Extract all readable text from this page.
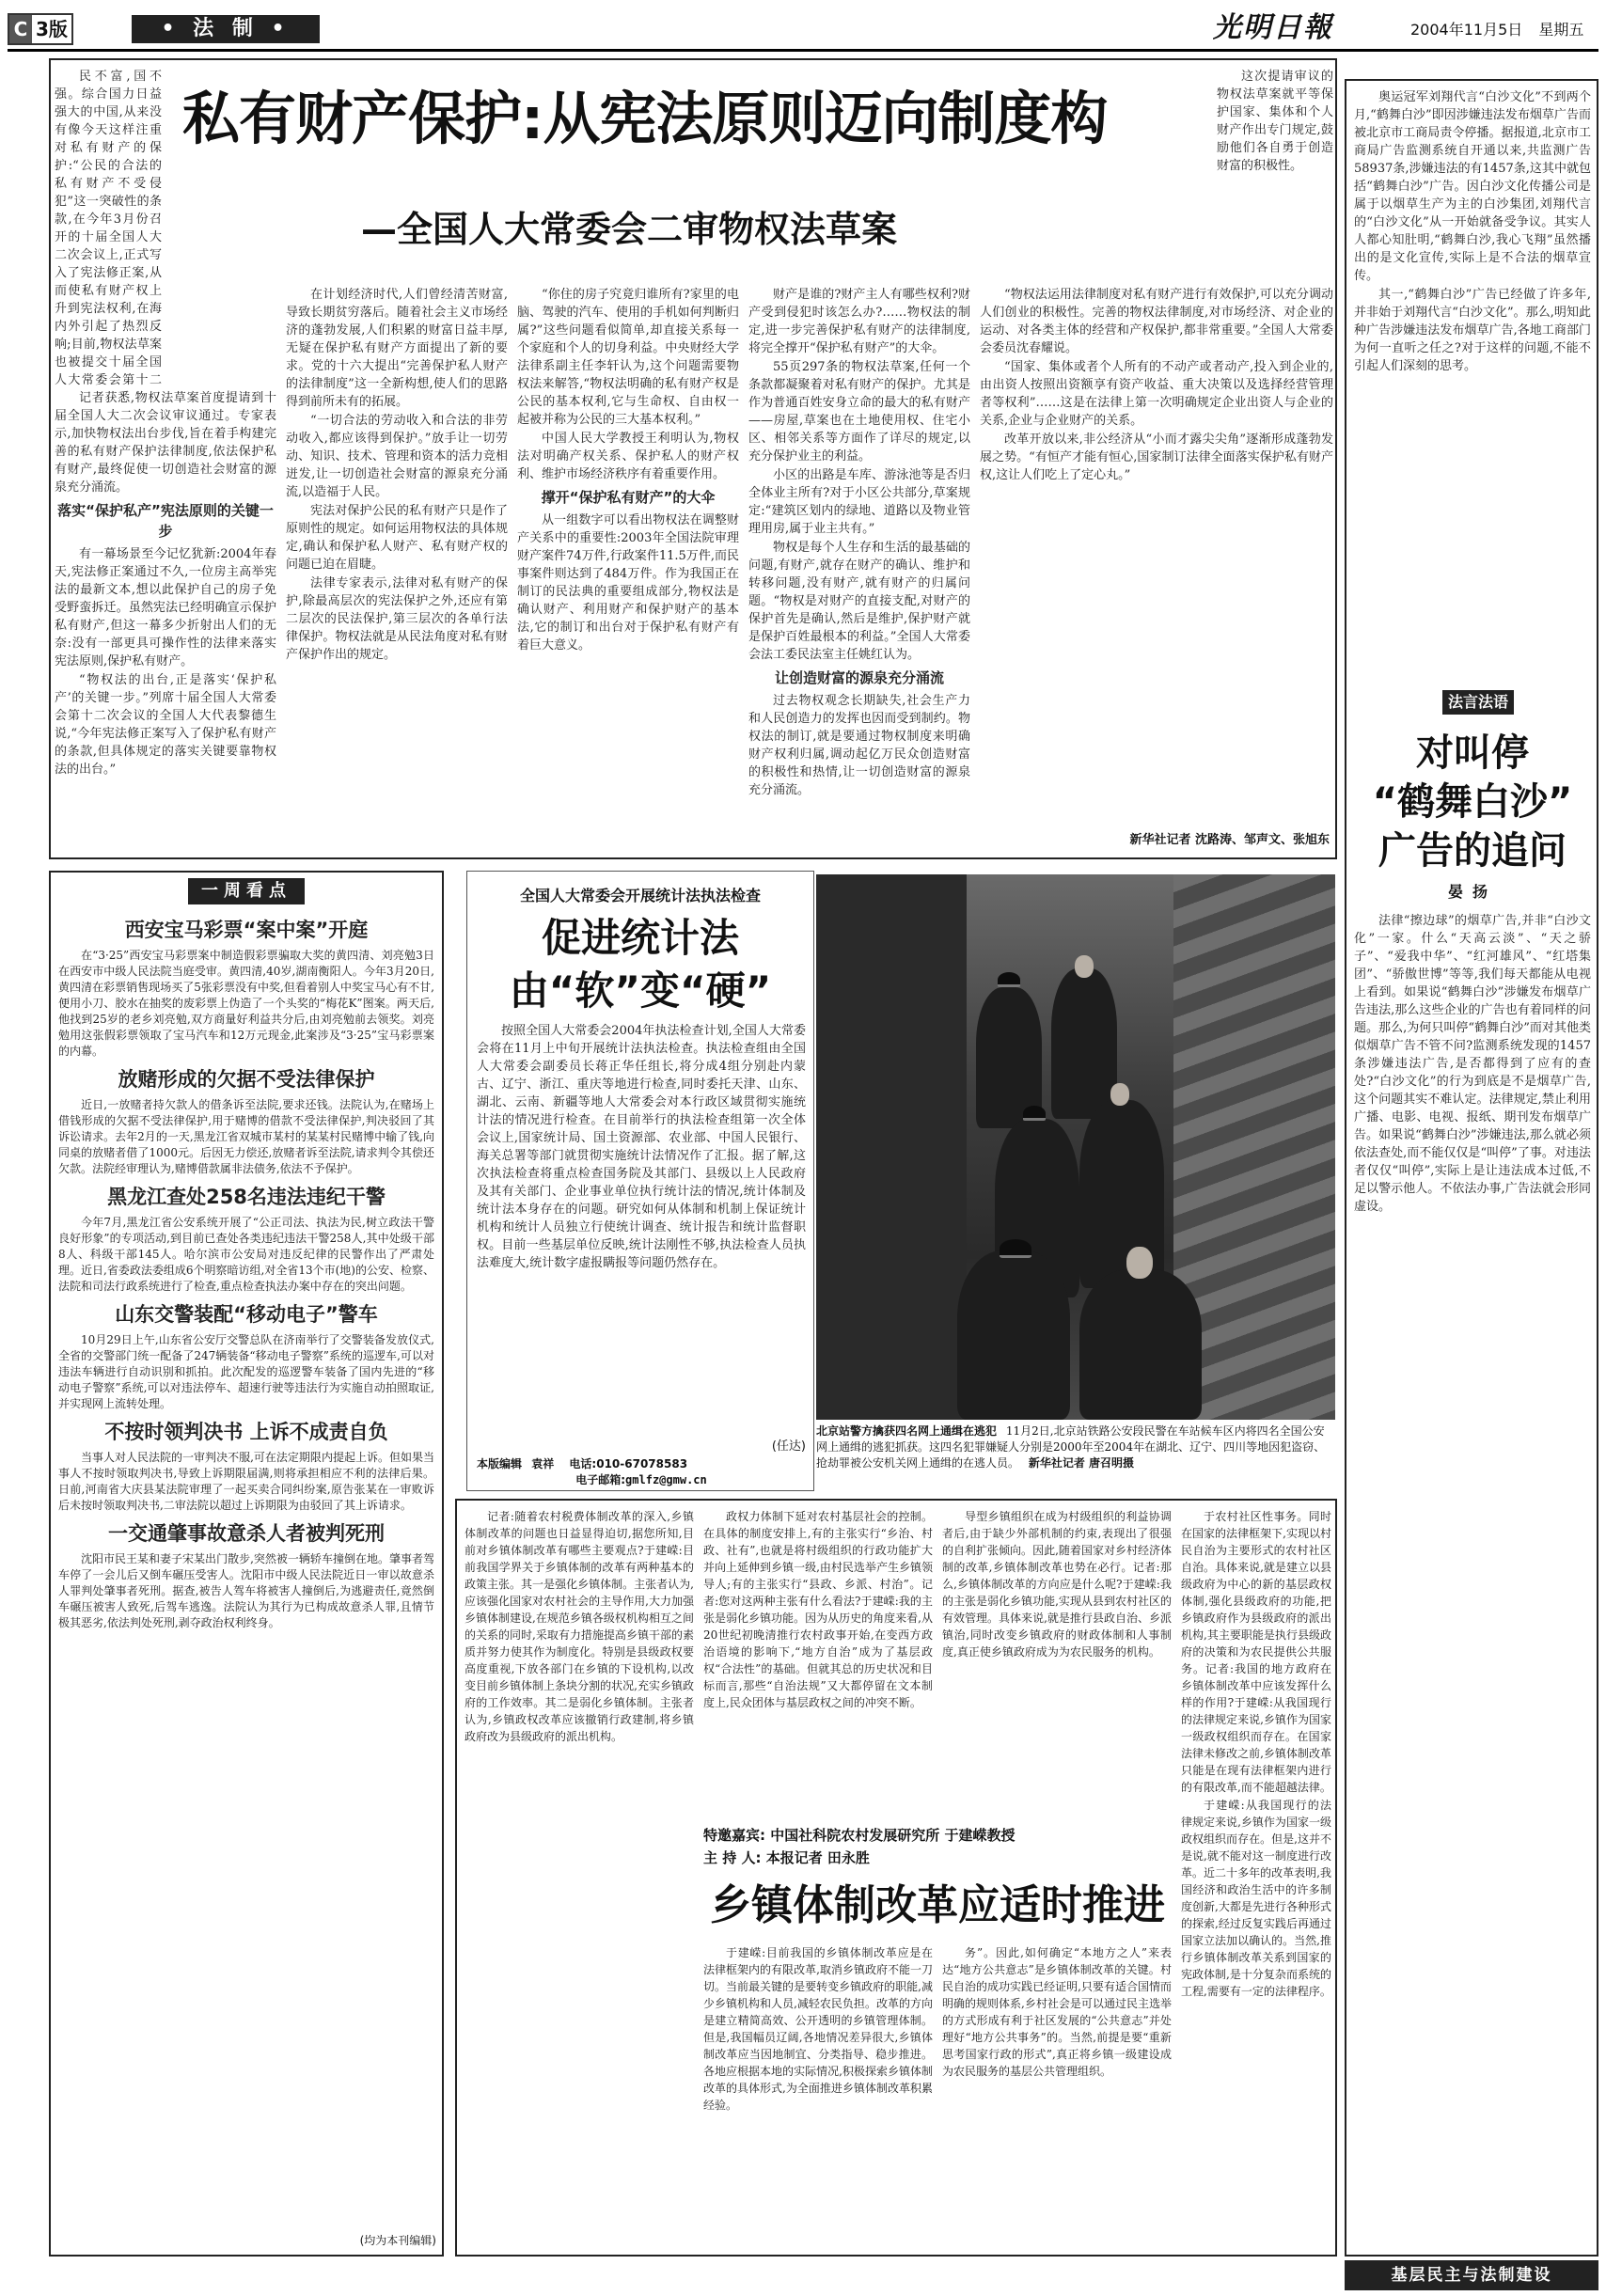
C 3版	• 法 制 •	光明日報	2004年11月5日 星期五
私有财产保护:从宪法原则迈向制度构
—全国人大常委会二审物权法草案

民不富,国不强。综合国力日益强大的中国,从来没有像今天这样注重对私有财产的保护:“公民的合法的私有财产不受侵犯”这一突破性的条款,在今年3月份召开的十届全国人大二次会议上,正式写入了宪法修正案,从而使私有财产权上升到宪法权利,在海内外引起了热烈反响;目前,物权法草案也被提交十届全国人大常委会第十二

这次提请审议的物权法草案就平等保护国家、集体和个人财产作出专门规定,鼓励他们各自勇于创造财富的积极性。

记者获悉,物权法草案首度提请到十届全国人大二次会议审议通过。专家表示,加快物权法出台步伐,旨在着手构建完善的私有财产保护法律制度,依法保护私有财产,最终促使一切创造社会财富的源泉充分涌流。

落实“保护私产”宪法原则的关键一步

有一幕场景至今记忆犹新:2004年春天,宪法修正案通过不久,一位房主高举宪法的最新文本,想以此保护自己的房子免受野蛮拆迁。虽然宪法已经明确宣示保护私有财产,但这一幕多少折射出人们的无奈:没有一部更具可操作性的法律来落实宪法原则,保护私有财产。

“物权法的出台,正是落实‘保护私产’的关键一步。”列席十届全国人大常委会第十二次会议的全国人大代表黎德生说,“今年宪法修正案写入了保护私有财产的条款,但具体规定的落实关键要靠物权法的出台。”

在计划经济时代,人们曾经清苦财富,导致长期贫穷落后。随着社会主义市场经济的蓬勃发展,人们积累的财富日益丰厚,无疑在保护私有财产方面提出了新的要求。党的十六大提出“完善保护私人财产的法律制度”这一全新构想,使人们的思路得到前所未有的拓展。

“一切合法的劳动收入和合法的非劳动收入,都应该得到保护。”放手让一切劳动、知识、技术、管理和资本的活力竞相迸发,让一切创造社会财富的源泉充分涌流,以造福于人民。

宪法对保护公民的私有财产只是作了原则性的规定。如何运用物权法的具体规定,确认和保护私人财产、私有财产权的问题已迫在眉睫。

法律专家表示,法律对私有财产的保护,除最高层次的宪法保护之外,还应有第二层次的民法保护,第三层次的各单行法律保护。物权法就是从民法角度对私有财产保护作出的规定。

“你住的房子究竟归谁所有?家里的电脑、驾驶的汽车、使用的手机如何判断归属?”这些问题看似简单,却直接关系每一个家庭和个人的切身利益。中央财经大学法律系副主任李轩认为,这个问题需要物权法来解答,“物权法明确的私有财产权是公民的基本权利,它与生命权、自由权一起被并称为公民的三大基本权利。”

中国人民大学教授王利明认为,物权法对明确产权关系、保护私人的财产权利、维护市场经济秩序有着重要作用。

撑开“保护私有财产”的大伞

从一组数字可以看出物权法在调整财产关系中的重要性:2003年全国法院审理财产案件74万件,行政案件11.5万件,而民事案件则达到了484万件。作为我国正在制订的民法典的重要组成部分,物权法是确认财产、利用财产和保护财产的基本法,它的制订和出台对于保护私有财产有着巨大意义。

财产是谁的?财产主人有哪些权利?财产受到侵犯时该怎么办?……物权法的制定,进一步完善保护私有财产的法律制度,将完全撑开“保护私有财产”的大伞。

55页297条的物权法草案,任何一个条款都凝聚着对私有财产的保护。尤其是作为普通百姓安身立命的最大的私有财产——房屋,草案也在土地使用权、住宅小区、相邻关系等方面作了详尽的规定,以充分保护业主的利益。

小区的出路是车库、游泳池等是否归全体业主所有?对于小区公共部分,草案规定:“建筑区划内的绿地、道路以及物业管理用房,属于业主共有。”

物权是每个人生存和生活的最基础的问题,有财产,就存在财产的确认、维护和转移问题,没有财产,就有财产的归属问题。“物权是对财产的直接支配,对财产的保护首先是确认,然后是维护,保护财产就是保护百姓最根本的利益。”全国人大常委会法工委民法室主任姚红认为。

让创造财富的源泉充分涌流

过去物权观念长期缺失,社会生产力和人民创造力的发挥也因而受到制约。物权法的制订,就是要通过物权制度来明确财产权利归属,调动起亿万民众创造财富的积极性和热情,让一切创造财富的源泉充分涌流。

“物权法运用法律制度对私有财产进行有效保护,可以充分调动人们创业的积极性。完善的物权法律制度,对市场经济、对企业的运动、对各类主体的经营和产权保护,都非常重要。”全国人大常委会委员沈春耀说。

“国家、集体或者个人所有的不动产或者动产,投入到企业的,由出资人按照出资额享有资产收益、重大决策以及选择经营管理者等权利”……这是在法律上第一次明确规定企业出资人与企业的关系,企业与企业财产的关系。

改革开放以来,非公经济从“小而才露尖尖角”逐渐形成蓬勃发展之势。“有恒产才能有恒心,国家制订法律全面落实保护私有财产权,这让人们吃上了定心丸。”

新华社记者 沈路涛、邹声文、张旭东

奥运冠军刘翔代言“白沙文化”不到两个月,“鹤舞白沙”即因涉嫌违法发布烟草广告而被北京市工商局责令停播。据报道,北京市工商局广告监测系统自开通以来,共监测广告58937条,涉嫌违法的有1457条,这其中就包括“鹤舞白沙”广告。因白沙文化传播公司是属于以烟草生产为主的白沙集团,刘翔代言的“白沙文化”从一开始就备受争议。其实人人都心知肚明,“鹤舞白沙,我心飞翔”虽然播出的是文化宣传,实际上是不合法的烟草宣传。

其一,“鹤舞白沙”广告已经做了许多年,并非始于刘翔代言“白沙文化”。那么,明知此种广告涉嫌违法发布烟草广告,各地工商部门为何一直听之任之?对于这样的问题,不能不引起人们深刻的思考。

法言法语
对叫停
“鹤舞白沙”
广告的追问
晏扬

法律“擦边球”的烟草广告,并非“白沙文化”一家。什么“天高云淡”、“天之骄子”、“爱我中华”、“红河雄风”、“红塔集团”、“骄傲世博”等等,我们每天都能从电视上看到。如果说“鹤舞白沙”涉嫌发布烟草广告违法,那么这些企业的广告也有着同样的问题。那么,为何只叫停“鹤舞白沙”而对其他类似烟草广告不管不问?监测系统发现的1457条涉嫌违法广告,是否都得到了应有的查处?“白沙文化”的行为到底是不是烟草广告,这个问题其实不难认定。法律规定,禁止利用广播、电影、电视、报纸、期刊发布烟草广告。如果说“鹤舞白沙”涉嫌违法,那么就必须依法查处,而不能仅仅是“叫停”了事。对违法者仅仅“叫停”,实际上是让违法成本过低,不足以警示他人。不依法办事,广告法就会形同虚设。

一周看点
西安宝马彩票“案中案”开庭

在“3·25”西安宝马彩票案中制造假彩票骗取大奖的黄四清、刘亮勉3日在西安市中级人民法院当庭受审。黄四清,40岁,湖南衡阳人。今年3月20日,黄四清在彩票销售现场买了5张彩票没有中奖,但看着别人中奖宝马心有不甘,便用小刀、胶水在抽奖的废彩票上伪造了一个头奖的“梅花K”图案。两天后,他找到25岁的老乡刘亮勉,双方商量好利益共分后,由刘亮勉前去领奖。刘亮勉用这张假彩票领取了宝马汽车和12万元现金,此案涉及“3·25”宝马彩票案的内幕。

放赌形成的欠据不受法律保护

近日,一放赌者持欠款人的借条诉至法院,要求还钱。法院认为,在赌场上借钱形成的欠据不受法律保护,用于赌博的借款不受法律保护,判决驳回了其诉讼请求。去年2月的一天,黑龙江省双城市某村的某某村民赌博中输了钱,向同桌的放赌者借了1000元。后因无力偿还,放赌者诉至法院,请求判令其偿还欠款。法院经审理认为,赌博借款属非法债务,依法不予保护。

黑龙江查处258名违法违纪干警

今年7月,黑龙江省公安系统开展了“公正司法、执法为民,树立政法干警良好形象”的专项活动,到目前已查处各类违纪违法干警258人,其中处级干部8人、科级干部145人。哈尔滨市公安局对违反纪律的民警作出了严肃处理。近日,省委政法委组成6个明察暗访组,对全省13个市(地)的公安、检察、法院和司法行政系统进行了检查,重点检查执法办案中存在的突出问题。

山东交警装配“移动电子”警车

10月29日上午,山东省公安厅交警总队在济南举行了交警装备发放仪式,全省的交警部门统一配备了247辆装备“移动电子警察”系统的巡逻车,可以对违法车辆进行自动识别和抓拍。此次配发的巡逻警车装备了国内先进的“移动电子警察”系统,可以对违法停车、超速行驶等违法行为实施自动拍照取证,并实现网上流转处理。

不按时领判决书 上诉不成责自负

当事人对人民法院的一审判决不服,可在法定期限内提起上诉。但如果当事人不按时领取判决书,导致上诉期限届满,则将承担相应不利的法律后果。日前,河南省大庆县某法院审理了一起买卖合同纠纷案,原告张某在一审败诉后未按时领取判决书,二审法院以超过上诉期限为由驳回了其上诉请求。

一交通肇事故意杀人者被判死刑

沈阳市民王某和妻子宋某出门散步,突然被一辆轿车撞倒在地。肇事者驾车停了一会儿后又倒车碾压受害人。沈阳市中级人民法院近日一审以故意杀人罪判处肇事者死刑。据查,被告人驾车将被害人撞倒后,为逃避责任,竟然倒车碾压被害人致死,后驾车逃逸。法院认为其行为已构成故意杀人罪,且情节极其恶劣,依法判处死刑,剥夺政治权利终身。

(均为本刊编辑)
全国人大常委会开展统计法执法检查
促进统计法
由“软”变“硬”

按照全国人大常委会2004年执法检查计划,全国人大常委会将在11月上中旬开展统计法执法检查。执法检查组由全国人大常委会副委员长蒋正华任组长,将分成4组分别赴内蒙古、辽宁、浙江、重庆等地进行检查,同时委托天津、山东、湖北、云南、新疆等地人大常委会对本行政区域贯彻实施统计法的情况进行检查。在目前举行的执法检查组第一次全体会议上,国家统计局、国土资源部、农业部、中国人民银行、海关总署等部门就贯彻实施统计法情况作了汇报。据了解,这次执法检查将重点检查国务院及其部门、县级以上人民政府及其有关部门、企业事业单位执行统计法的情况,统计体制及统计法本身存在的问题。研究如何从体制和机制上保证统计机构和统计人员独立行使统计调查、统计报告和统计监督职权。目前一些基层单位反映,统计法刚性不够,执法检查人员执法难度大,统计数字虚报瞒报等问题仍然存在。

(任达)
本版编辑 袁祥 电话:010-67078583
电子邮箱:gmlfz@gmw.cn
北京站警方擒获四名网上通缉在逃犯 11月2日,北京站铁路公安段民警在车站候车区内将四名全国公安网上通缉的逃犯抓获。这四名犯罪嫌疑人分别是2000年至2004年在湖北、辽宁、四川等地因犯盗窃、抢劫罪被公安机关网上通缉的在逃人员。 新华社记者 唐召明摄

记者:随着农村税费体制改革的深入,乡镇体制改革的问题也日益显得迫切,据您所知,目前对乡镇体制改革有哪些主要观点?于建嵘:目前我国学界关于乡镇体制的改革有两种基本的政策主张。其一是强化乡镇体制。主张者认为,应该强化国家对农村社会的主导作用,大力加强乡镇体制建设,在规范乡镇各级权机构相互之间的关系的同时,采取有力措施提高乡镇干部的素质并努力使其作为制度化。特别是县级政权要高度重视,下放各部门在乡镇的下设机构,以改变目前乡镇体制上条块分割的状况,充实乡镇政府的工作效率。其二是弱化乡镇体制。主张者认为,乡镇政权改革应该撤销行政建制,将乡镇政府改为县级政府的派出机构。

政权力体制下延对农村基层社会的控制。在具体的制度安排上,有的主张实行“乡治、村政、社有”,也就是将村级组织的行政功能扩大并向上延伸到乡镇一级,由村民选举产生乡镇领导人;有的主张实行“县政、乡派、村治”。记者:您对这两种主张有什么看法?于建嵘:我的主张是弱化乡镇功能。因为从历史的角度来看,从20世纪初晚清推行农村政事开始,在变西方政治语境的影响下,“地方自治”成为了基层政权“合法性”的基础。但就其总的历史状况和目标而言,那些“自治法规”又大都停留在文本制度上,民众团体与基层政权之间的冲突不断。

导型乡镇组织在成为村级组织的利益协调者后,由于缺少外部机制的约束,表现出了很强的自利扩张倾向。因此,随着国家对乡村经济体制的改革,乡镇体制改革也势在必行。记者:那么,乡镇体制改革的方向应是什么呢?于建嵘:我的主张是弱化乡镇功能,实现从县到农村社区的有效管理。具体来说,就是推行县政自治、乡派镇治,同时改变乡镇政府的财政体制和人事制度,真正使乡镇政府成为为农民服务的机构。

于农村社区性事务。同时在国家的法律框架下,实现以村民自治为主要形式的农村社区自治。具体来说,就是建立以县级政府为中心的新的基层政权体制,强化县级政府的功能,把乡镇政府作为县级政府的派出机构,其主要职能是执行县级政府的决策和为农民提供公共服务。记者:我国的地方政府在乡镇体制改革中应该发挥什么样的作用?于建嵘:从我国现行的法律规定来说,乡镇作为国家一级政权组织而存在。在国家法律未修改之前,乡镇体制改革只能是在现有法律框架内进行的有限改革,而不能超越法律。

于建嵘:从我国现行的法律规定来说,乡镇作为国家一级政权组织而存在。但是,这并不是说,就不能对这一制度进行改革。近二十多年的改革表明,我国经济和政治生活中的许多制度创新,大都是先进行各种形式的探索,经过反复实践后再通过国家立法加以确认的。当然,推行乡镇体制改革关系到国家的宪政体制,是十分复杂而系统的工程,需要有一定的法律程序。

特邀嘉宾: 中国社科院农村发展研究所 于建嵘教授
主 持 人: 本报记者 田永胜
乡镇体制改革应适时推进

于建嵘:目前我国的乡镇体制改革应是在法律框架内的有限改革,取消乡镇政府不能一刀切。当前最关键的是要转变乡镇政府的职能,减少乡镇机构和人员,减轻农民负担。改革的方向是建立精简高效、公开透明的乡镇管理体制。但是,我国幅员辽阔,各地情况差异很大,乡镇体制改革应当因地制宜、分类指导、稳步推进。各地应根据本地的实际情况,积极探索乡镇体制改革的具体形式,为全面推进乡镇体制改革积累经验。

务”。因此,如何确定“本地方之人”来表达“地方公共意志”是乡镇体制改革的关键。村民自治的成功实践已经证明,只要有适合国情而明确的规则体系,乡村社会是可以通过民主选举的方式形成有利于社区发展的“公共意志”并处理好“地方公共事务”的。当然,前提是要“重新思考国家行政的形式”,真正将乡镇一级建设成为农民服务的基层公共管理组织。

基层民主与法制建设
